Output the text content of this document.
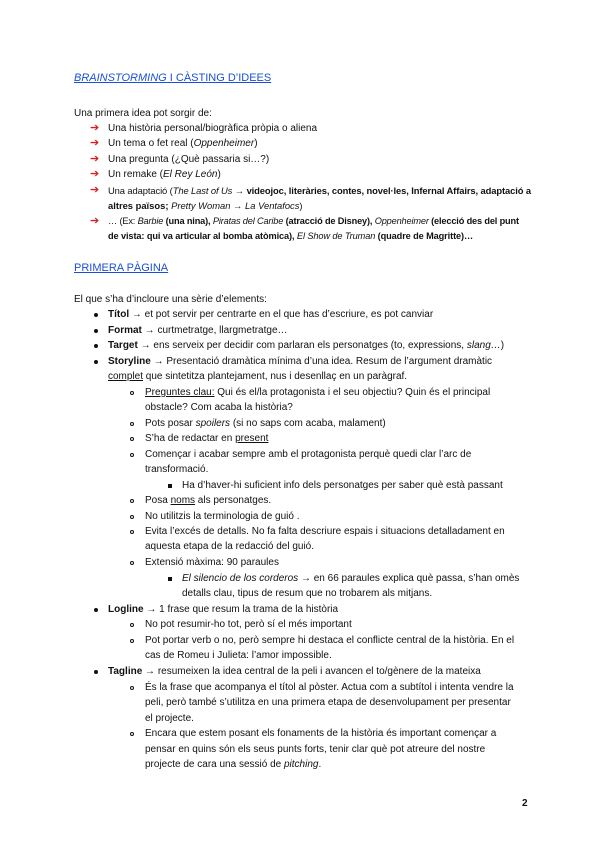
BRAINSTORMING I CÀSTING D’IDEES
Una primera idea pot sorgir de:
➔ Una història personal/biogràfica pròpia o aliena
➔ Un tema o fet real (Oppenheimer)
➔ Una pregunta (¿Què passaria si…?)
➔ Un remake (El Rey León)
➔ Una adaptació (The Last of Us → videojoc, literàries, contes, novel·les, Infernal Affairs, adaptació a
altres països; Pretty Woman → La Ventafocs)
➔ … (Ex: Barbie (una nina), Piratas del Caribe (atracció de Disney), Oppenheimer (elecció des del punt
de vista: qui va articular al bomba atòmica), El Show de Truman (quadre de Magritte)…
PRIMERA PÀGINA
El que s’ha d’incloure una sèrie d’elements:
Títol → et pot servir per centrarte en el que has d’escriure, es pot canviar
Format → curtmetratge, llargmetratge…
Target → ens serveix per decidir com parlaran els personatges (to, expressions, slang…)
Storyline → Presentació dramàtica mínima d’una idea. Resum de l’argument dramàtic
complet que sintetitza plantejament, nus i desenllaç en un paràgraf.
Preguntes clau: Qui és el/la protagonista i el seu objectiu? Quin és el principal
obstacle? Com acaba la història?
Pots posar spoilers (si no saps com acaba, malament)
S’ha de redactar en present
Començar i acabar sempre amb el protagonista perquè quedi clar l’arc de
transformació.
Ha d’haver-hi suficient info dels personatges per saber què està passant
Posa noms als personatges.
No utilitzis la terminologia de guió .
Evita l’excés de detalls. No fa falta descriure espais i situacions detalladament en
aquesta etapa de la redacció del guió.
Extensió màxima: 90 paraules
El silencio de los corderos → en 66 paraules explica què passa, s’han omès
detalls clau, tipus de resum que no trobarem als mitjans.
Logline → 1 frase que resum la trama de la història
No pot resumir-ho tot, però sí el més important
Pot portar verb o no, però sempre hi destaca el conflicte central de la història. En el
cas de Romeu i Julieta: l’amor impossible.
Tagline → resumeixen la idea central de la peli i avancen el to/gènere de la mateixa
És la frase que acompanya el títol al pòster. Actua com a subtítol i intenta vendre la
peli, però també s’utilitza en una primera etapa de desenvolupament per presentar
el projecte.
Encara que estem posant els fonaments de la història és important començar a
pensar en quins són els seus punts forts, tenir clar què pot atreure del nostre
projecte de cara una sessió de pitching.
2
